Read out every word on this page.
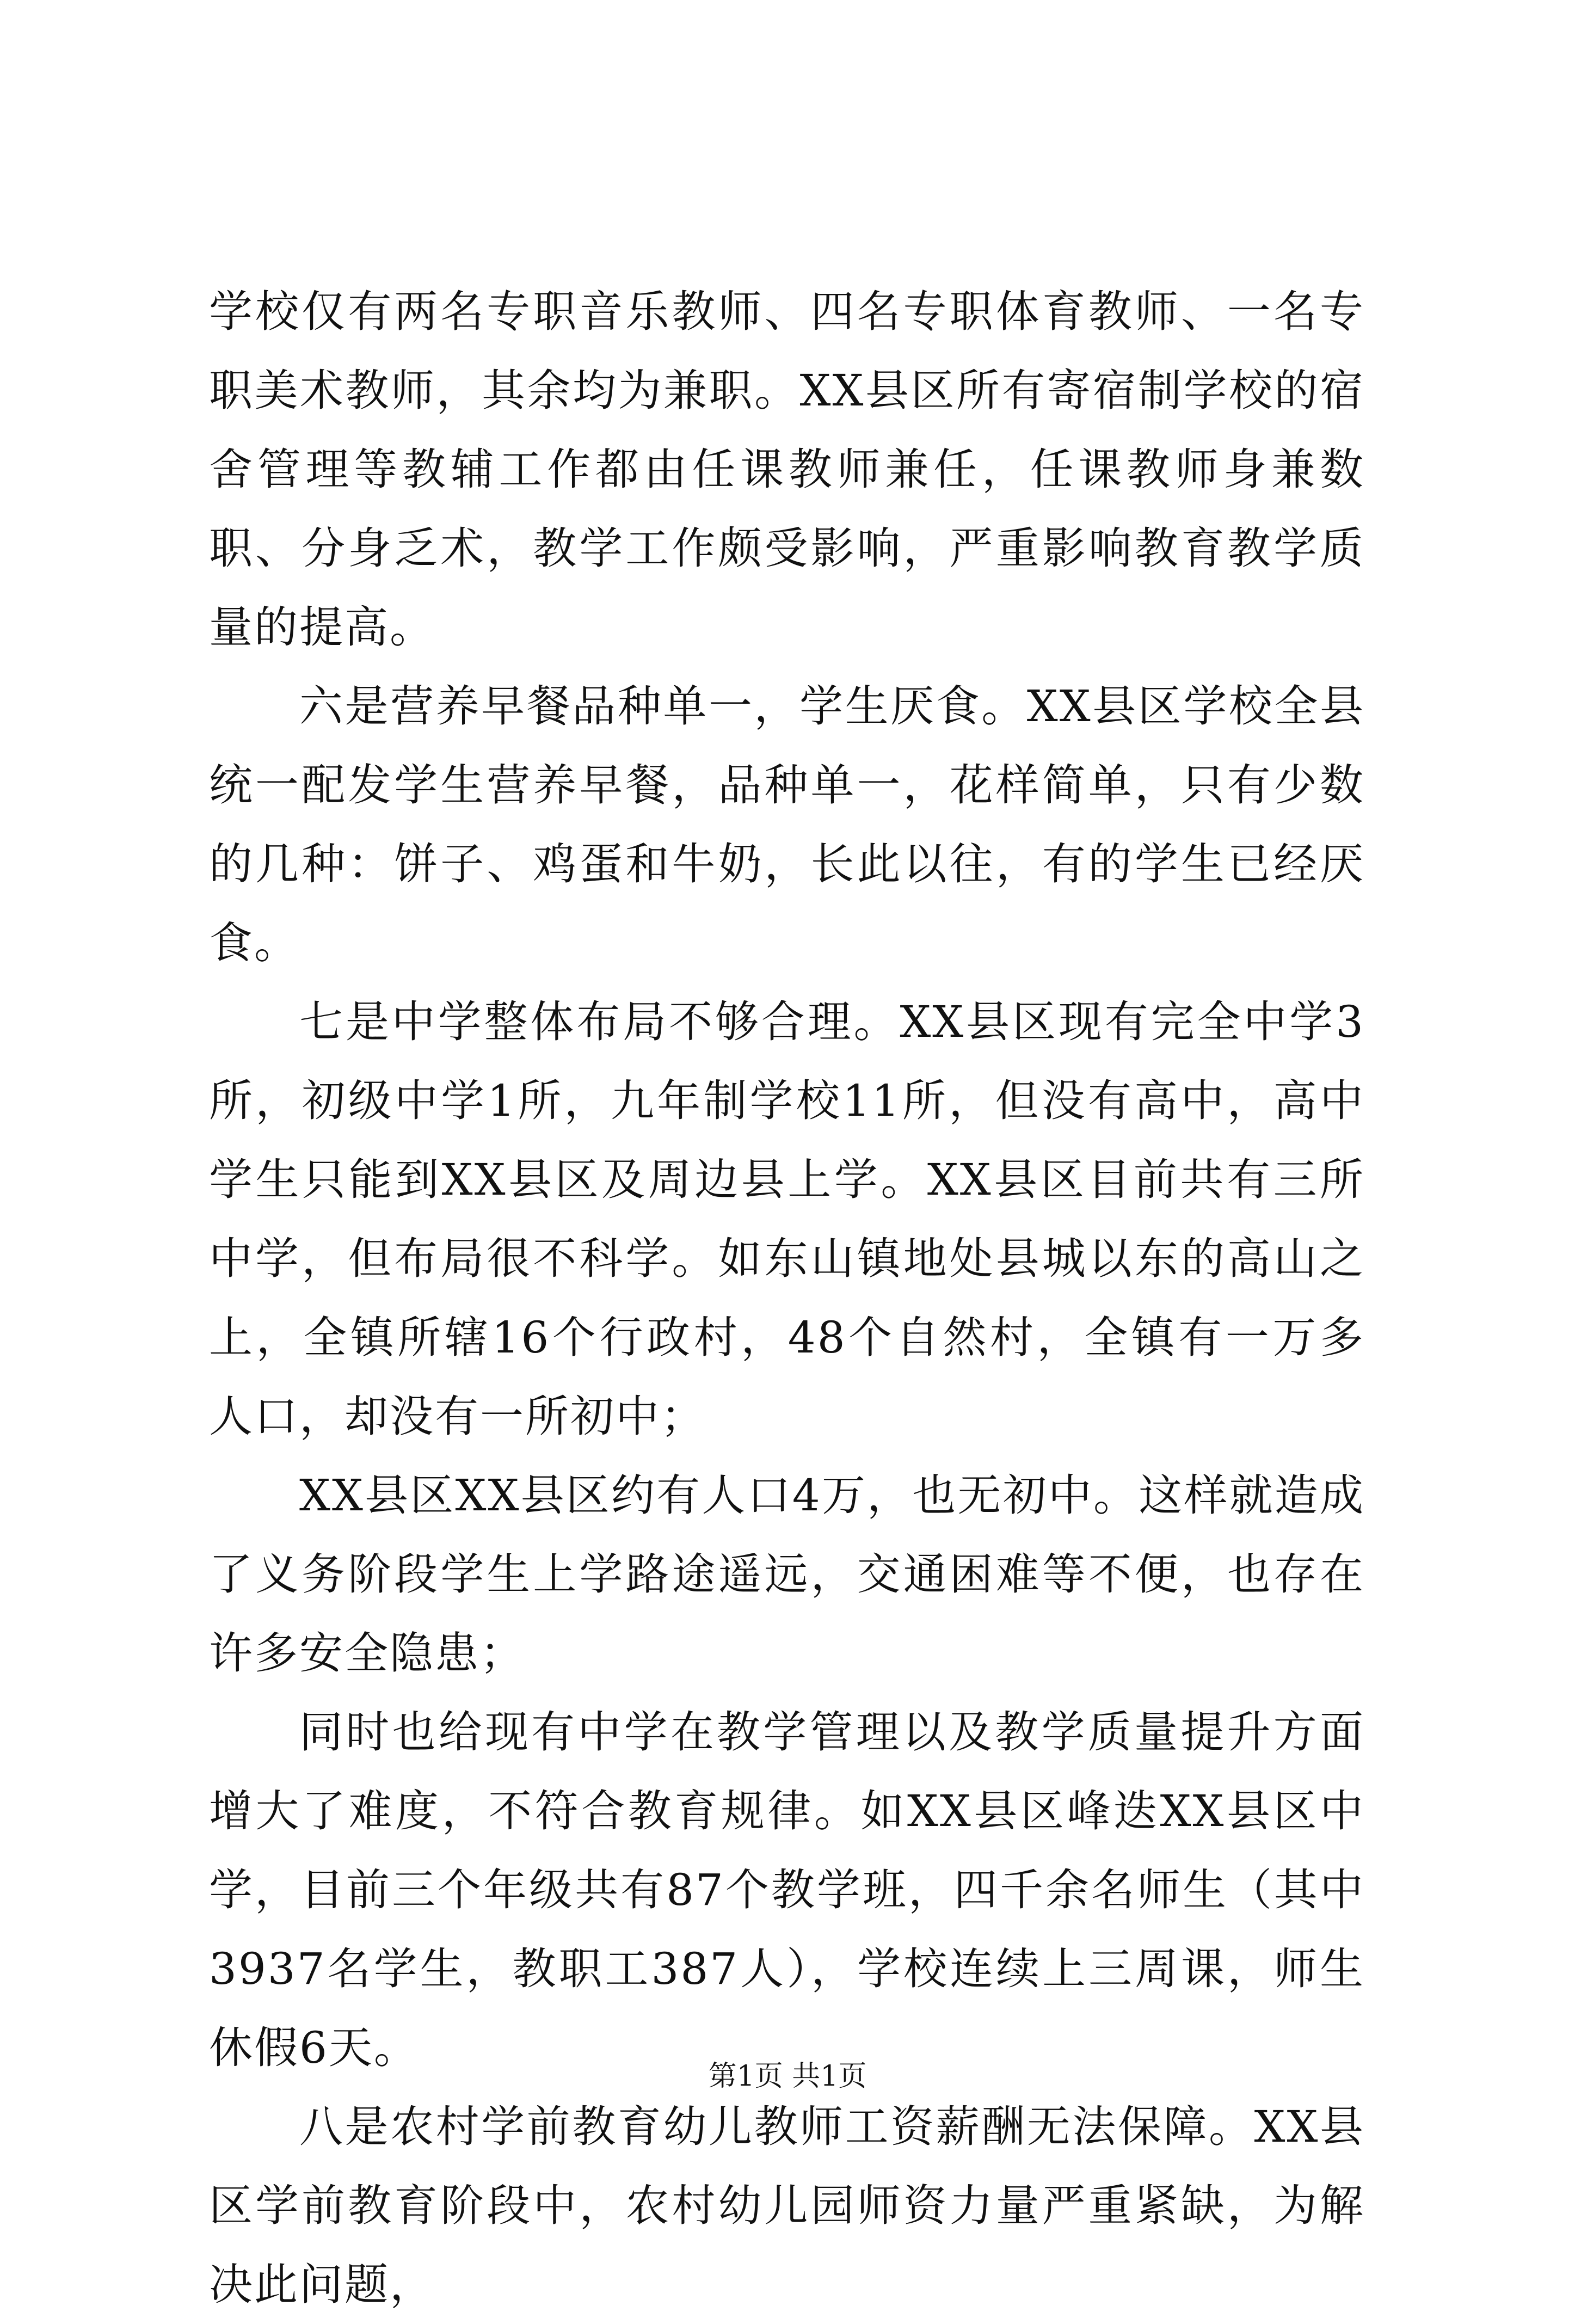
学校仅有两名专职音乐教师、四名专职体育教师、一名专职美术教师，其余均为兼职。XX县区所有寄宿制学校的宿舍管理等教辅工作都由任课教师兼任，任课教师身兼数职、分身乏术，教学工作颇受影响，严重影响教育教学质量的提高。

六是营养早餐品种单一，学生厌食。XX县区学校全县统一配发学生营养早餐，品种单一，花样简单，只有少数的几种：饼子、鸡蛋和牛奶，长此以往，有的学生已经厌食。

七是中学整体布局不够合理。XX县区现有完全中学3所，初级中学1所，九年制学校11所，但没有高中，高中学生只能到XX县区及周边县上学。XX县区目前共有三所中学，但布局很不科学。如东山镇地处县城以东的高山之上，全镇所辖16个行政村，48个自然村，全镇有一万多人口，却没有一所初中；

XX县区XX县区约有人口4万，也无初中。这样就造成了义务阶段学生上学路途遥远，交通困难等不便，也存在许多安全隐患；

同时也给现有中学在教学管理以及教学质量提升方面增大了难度，不符合教育规律。如XX县区峰迭XX县区中学，目前三个年级共有87个教学班，四千余名师生（其中3937名学生，教职工387人），学校连续上三周课，师生休假6天。

八是农村学前教育幼儿教师工资薪酬无法保障。XX县区学前教育阶段中，农村幼儿园师资力量严重紧缺，为解决此问题，

第1页 共1页
